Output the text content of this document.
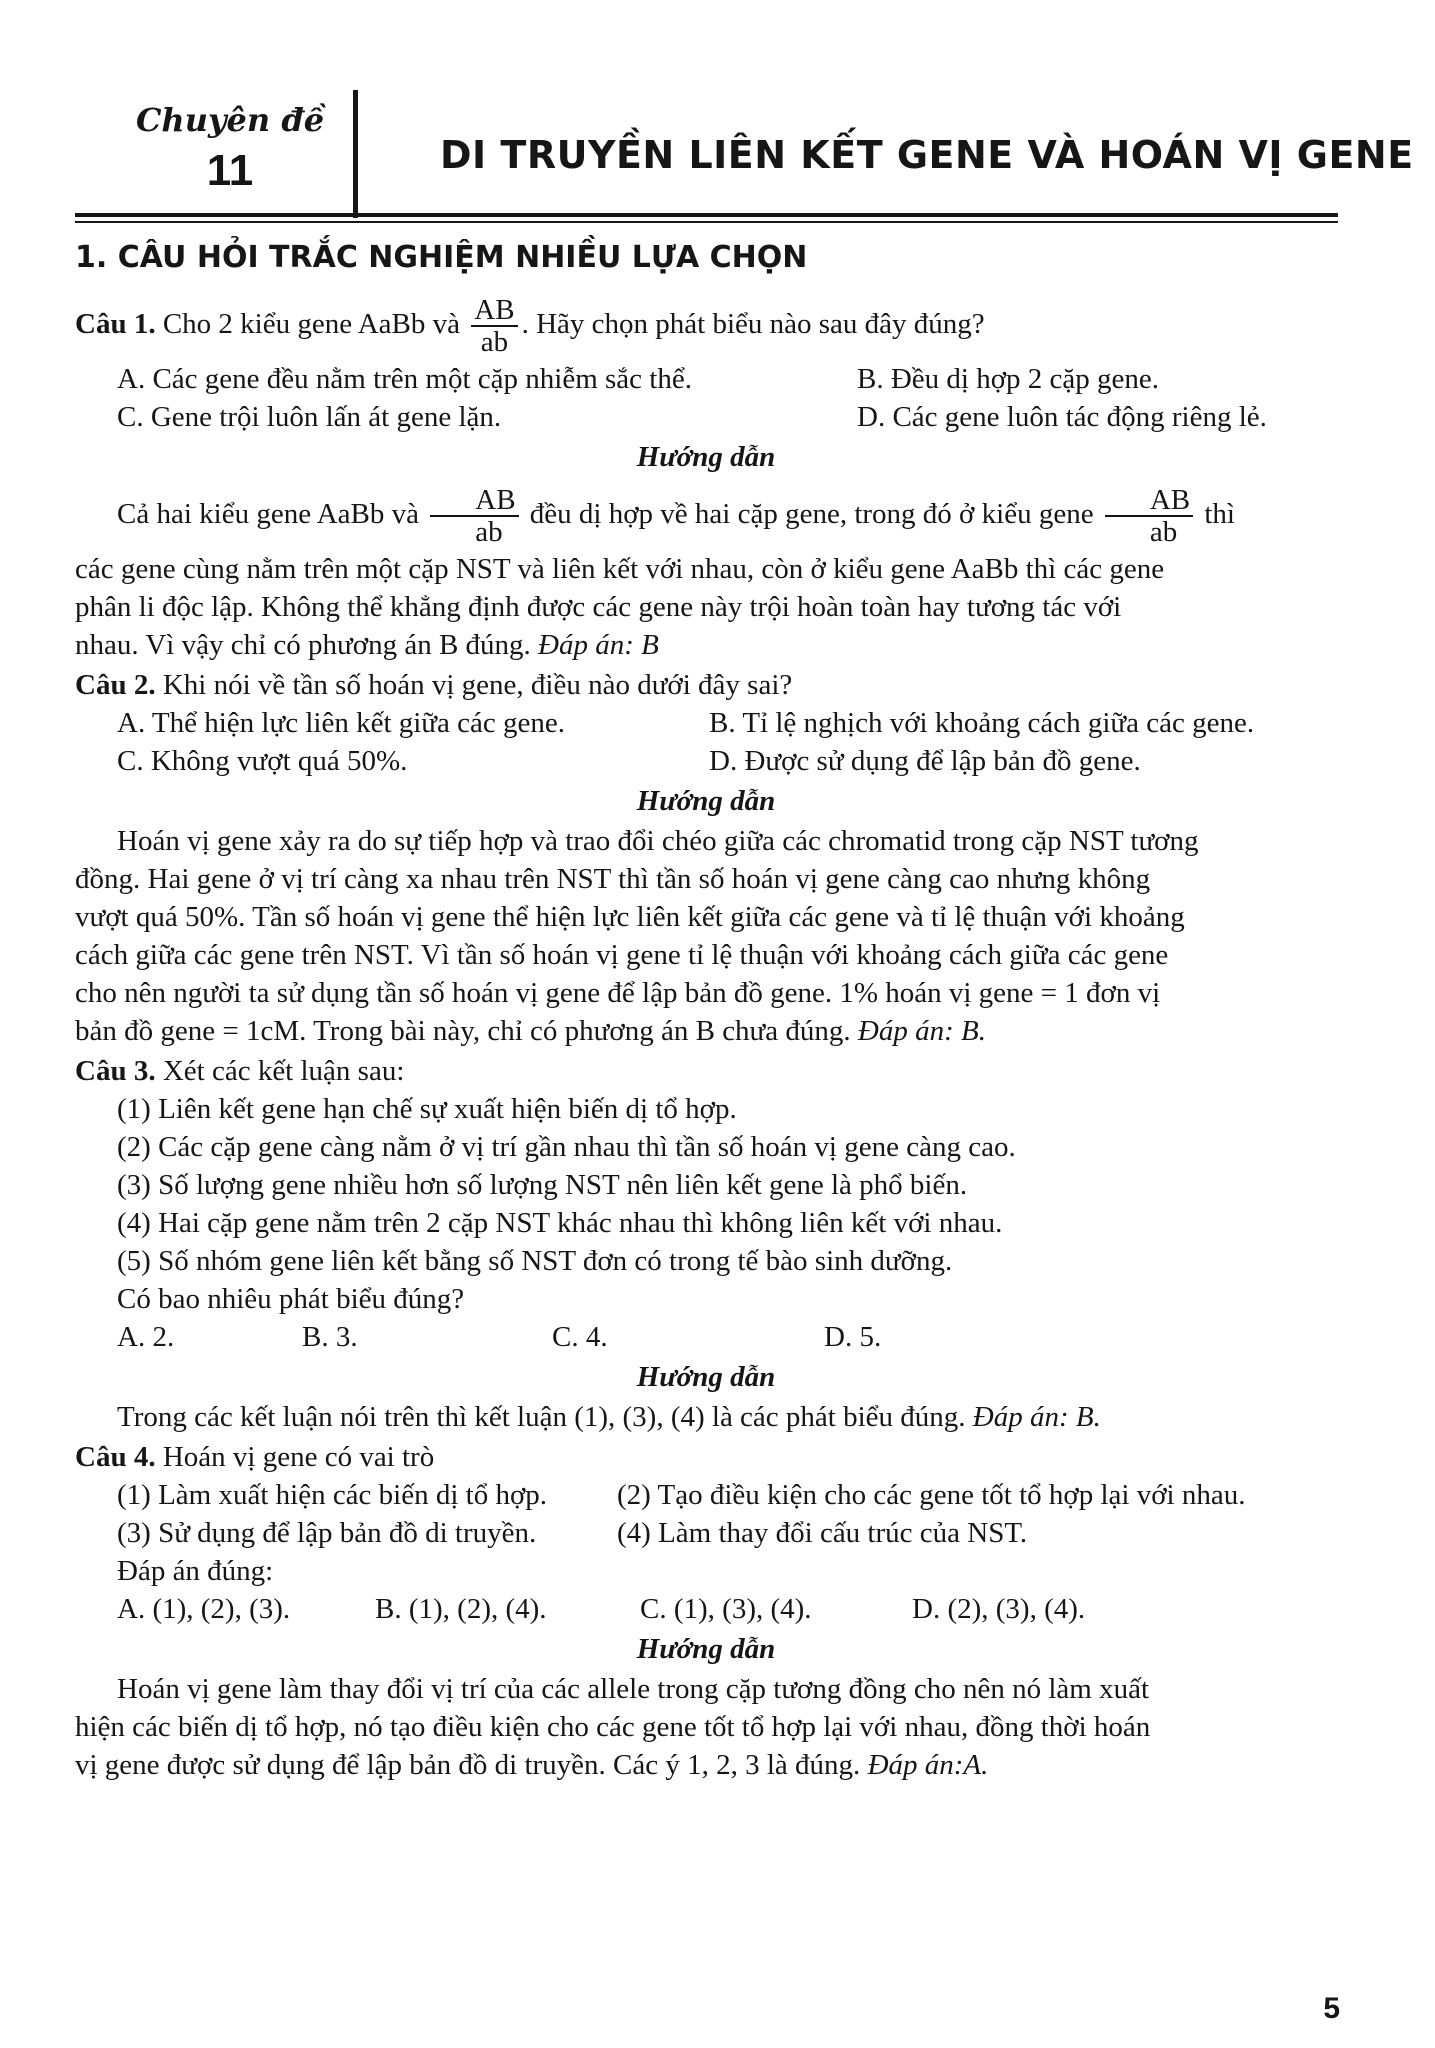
Chuyên đề
11	DI TRUYỀN LIÊN KẾT GENE VÀ HOÁN VỊ GENE
1. CÂU HỎI TRẮC NGHIỆM NHIỀU LỰA CHỌN
Câu 1. Cho 2 kiểu gene AaBb và $\frac{AB}{ab}$ . Hãy chọn phát biểu nào sau đây đúng?
A. Các gene đều nằm trên một cặp nhiễm sắc thể.	B. Đều dị hợp 2 cặp gene.
C. Gene trội luôn lấn át gene lặn.	D. Các gene luôn tác động riêng lẻ.
Hướng dẫn
Cả hai kiểu gene AaBb và $\frac{AB}{ab}$ đều dị hợp về hai cặp gene, trong đó ở kiểu gene $\frac{AB}{ab}$ thì
các gene cùng nằm trên một cặp NST và liên kết với nhau, còn ở kiểu gene AaBb thì các gene
phân li độc lập. Không thể khẳng định được các gene này trội hoàn toàn hay tương tác với
nhau. Vì vậy chỉ có phương án B đúng. Đáp án: B
Câu 2. Khi nói về tần số hoán vị gene, điều nào dưới đây sai?
A. Thể hiện lực liên kết giữa các gene.	B. Tỉ lệ nghịch với khoảng cách giữa các gene.
C. Không vượt quá 50%.	D. Được sử dụng để lập bản đồ gene.
Hướng dẫn
Hoán vị gene xảy ra do sự tiếp hợp và trao đổi chéo giữa các chromatid trong cặp NST tương
đồng. Hai gene ở vị trí càng xa nhau trên NST thì tần số hoán vị gene càng cao nhưng không
vượt quá 50%. Tần số hoán vị gene thể hiện lực liên kết giữa các gene và tỉ lệ thuận với khoảng
cách giữa các gene trên NST. Vì tần số hoán vị gene tỉ lệ thuận với khoảng cách giữa các gene
cho nên người ta sử dụng tần số hoán vị gene để lập bản đồ gene. 1% hoán vị gene = 1 đơn vị
bản đồ gene = 1cM. Trong bài này, chỉ có phương án B chưa đúng. Đáp án: B.
Câu 3. Xét các kết luận sau:
(1) Liên kết gene hạn chế sự xuất hiện biến dị tổ hợp.
(2) Các cặp gene càng nằm ở vị trí gần nhau thì tần số hoán vị gene càng cao.
(3) Số lượng gene nhiều hơn số lượng NST nên liên kết gene là phổ biến.
(4) Hai cặp gene nằm trên 2 cặp NST khác nhau thì không liên kết với nhau.
(5) Số nhóm gene liên kết bằng số NST đơn có trong tế bào sinh dưỡng.
Có bao nhiêu phát biểu đúng?
A. 2.	B. 3.	C. 4.	D. 5.
Hướng dẫn
Trong các kết luận nói trên thì kết luận (1), (3), (4) là các phát biểu đúng. Đáp án: B.
Câu 4. Hoán vị gene có vai trò
(1) Làm xuất hiện các biến dị tổ hợp.	(2) Tạo điều kiện cho các gene tốt tổ hợp lại với nhau.
(3) Sử dụng để lập bản đồ di truyền.	(4) Làm thay đổi cấu trúc của NST.
Đáp án đúng:
A. (1), (2), (3).	B. (1), (2), (4).	C. (1), (3), (4).	D. (2), (3), (4).
Hướng dẫn
Hoán vị gene làm thay đổi vị trí của các allele trong cặp tương đồng cho nên nó làm xuất
hiện các biến dị tổ hợp, nó tạo điều kiện cho các gene tốt tổ hợp lại với nhau, đồng thời hoán
vị gene được sử dụng để lập bản đồ di truyền. Các ý 1, 2, 3 là đúng. Đáp án:A.
5
